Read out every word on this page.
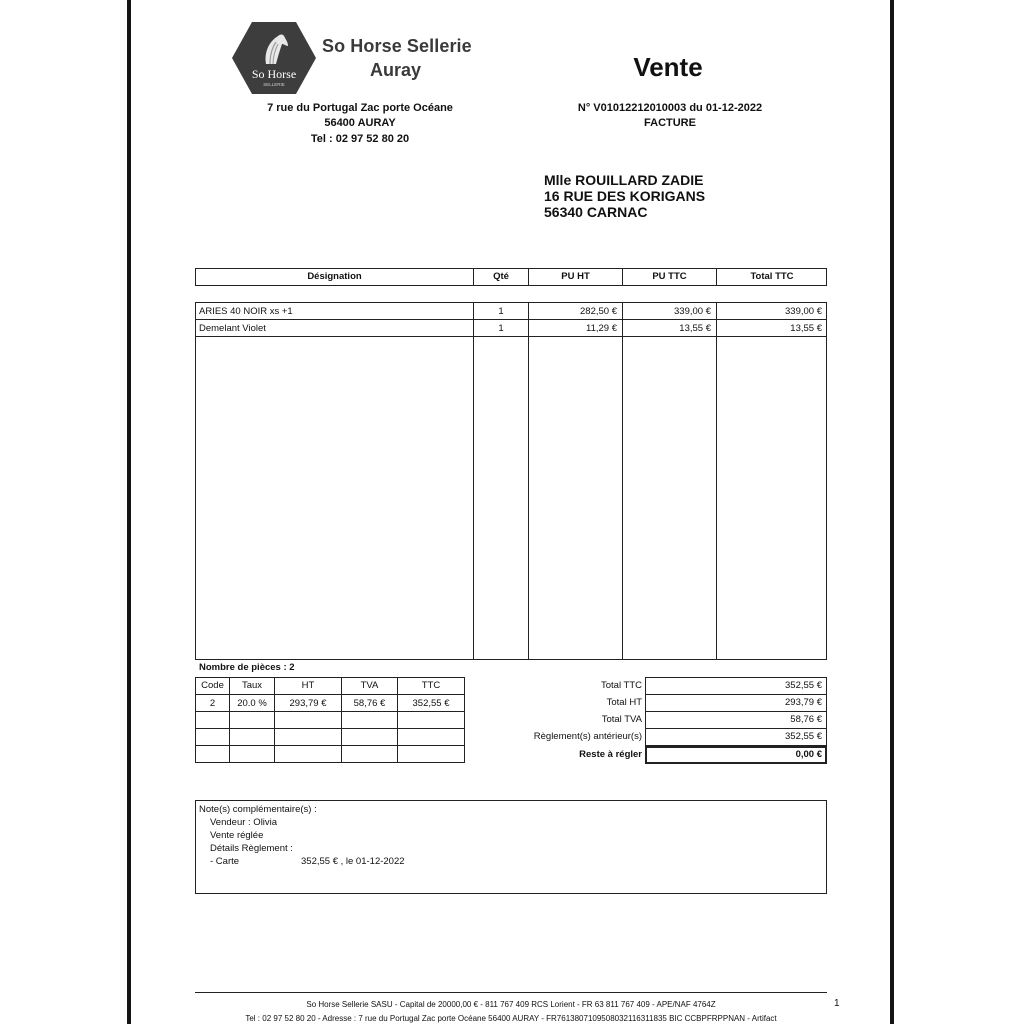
So Horse
SELLERIE
So Horse Sellerie
Auray
7 rue du Portugal Zac porte Océane
56400 AURAY
Tel : 02 97 52 80 20
Vente
N° V01012212010003 du 01-12-2022
FACTURE
Mlle ROUILLARD ZADIE
16 RUE DES KORIGANS
56340 CARNAC
Désignation	Qté	PU HT	PU TTC	Total TTC
ARIES 40 NOIR xs +1	1	282,50 €	339,00 €	339,00 €
Demelant Violet	1	11,29 €	13,55 €	13,55 €
Nombre de pièces : 2
Code	Taux	HT	TVA	TTC
2	20.0 %	293,79 €	58,76 €	352,55 €
Total TTC	352,55 €
Total HT	293,79 €
Total TVA	58,76 €
Règlement(s) antérieur(s)	352,55 €
Reste à régler	0,00 €
Note(s) complémentaire(s) :
Vendeur : Olivia
Vente réglée
Détails Règlement :
- Carte	352,55 € , le 01-12-2022
So Horse Sellerie SASU - Capital de 20000,00 € - 811 767 409 RCS Lorient - FR 63 811 767 409 - APE/NAF 4764Z
Tel : 02 97 52 80 20 - Adresse : 7 rue du Portugal Zac porte Océane 56400 AURAY - FR7613807109508032116311835 BIC CCBPFRPPNAN - Artifact
1
